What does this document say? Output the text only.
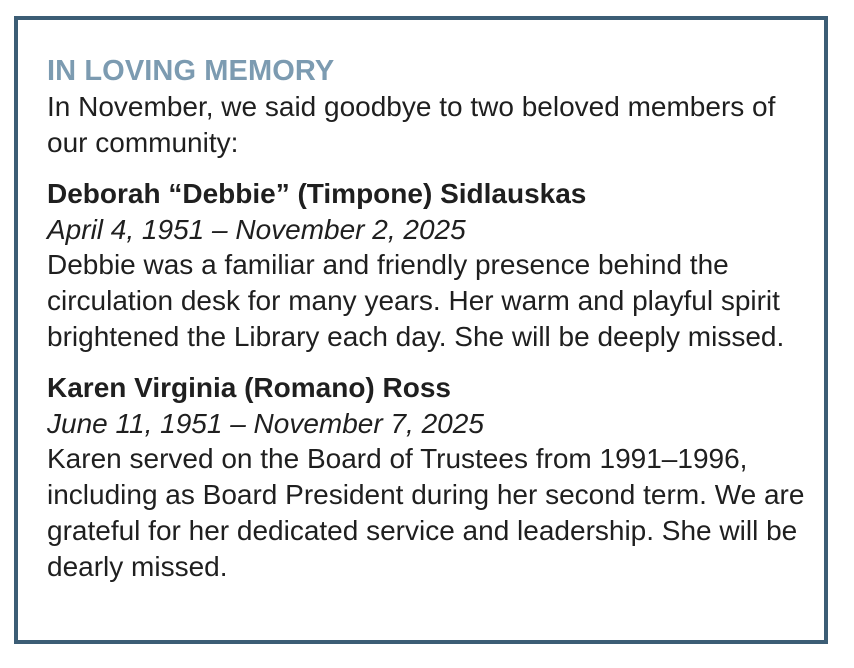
IN LOVING MEMORY

In November, we said goodbye to two beloved members of our community:

Deborah “Debbie” (Timpone) Sidlauskas
April 4, 1951 – November 2, 2025

Debbie was a familiar and friendly presence behind the circulation desk for many years. Her warm and playful spirit brightened the Library each day. She will be deeply missed.

Karen Virginia (Romano) Ross
June 11, 1951 – November 7, 2025

Karen served on the Board of Trustees from 1991–1996, including as Board President during her second term. We are grateful for her dedicated service and leadership. She will be dearly missed.
